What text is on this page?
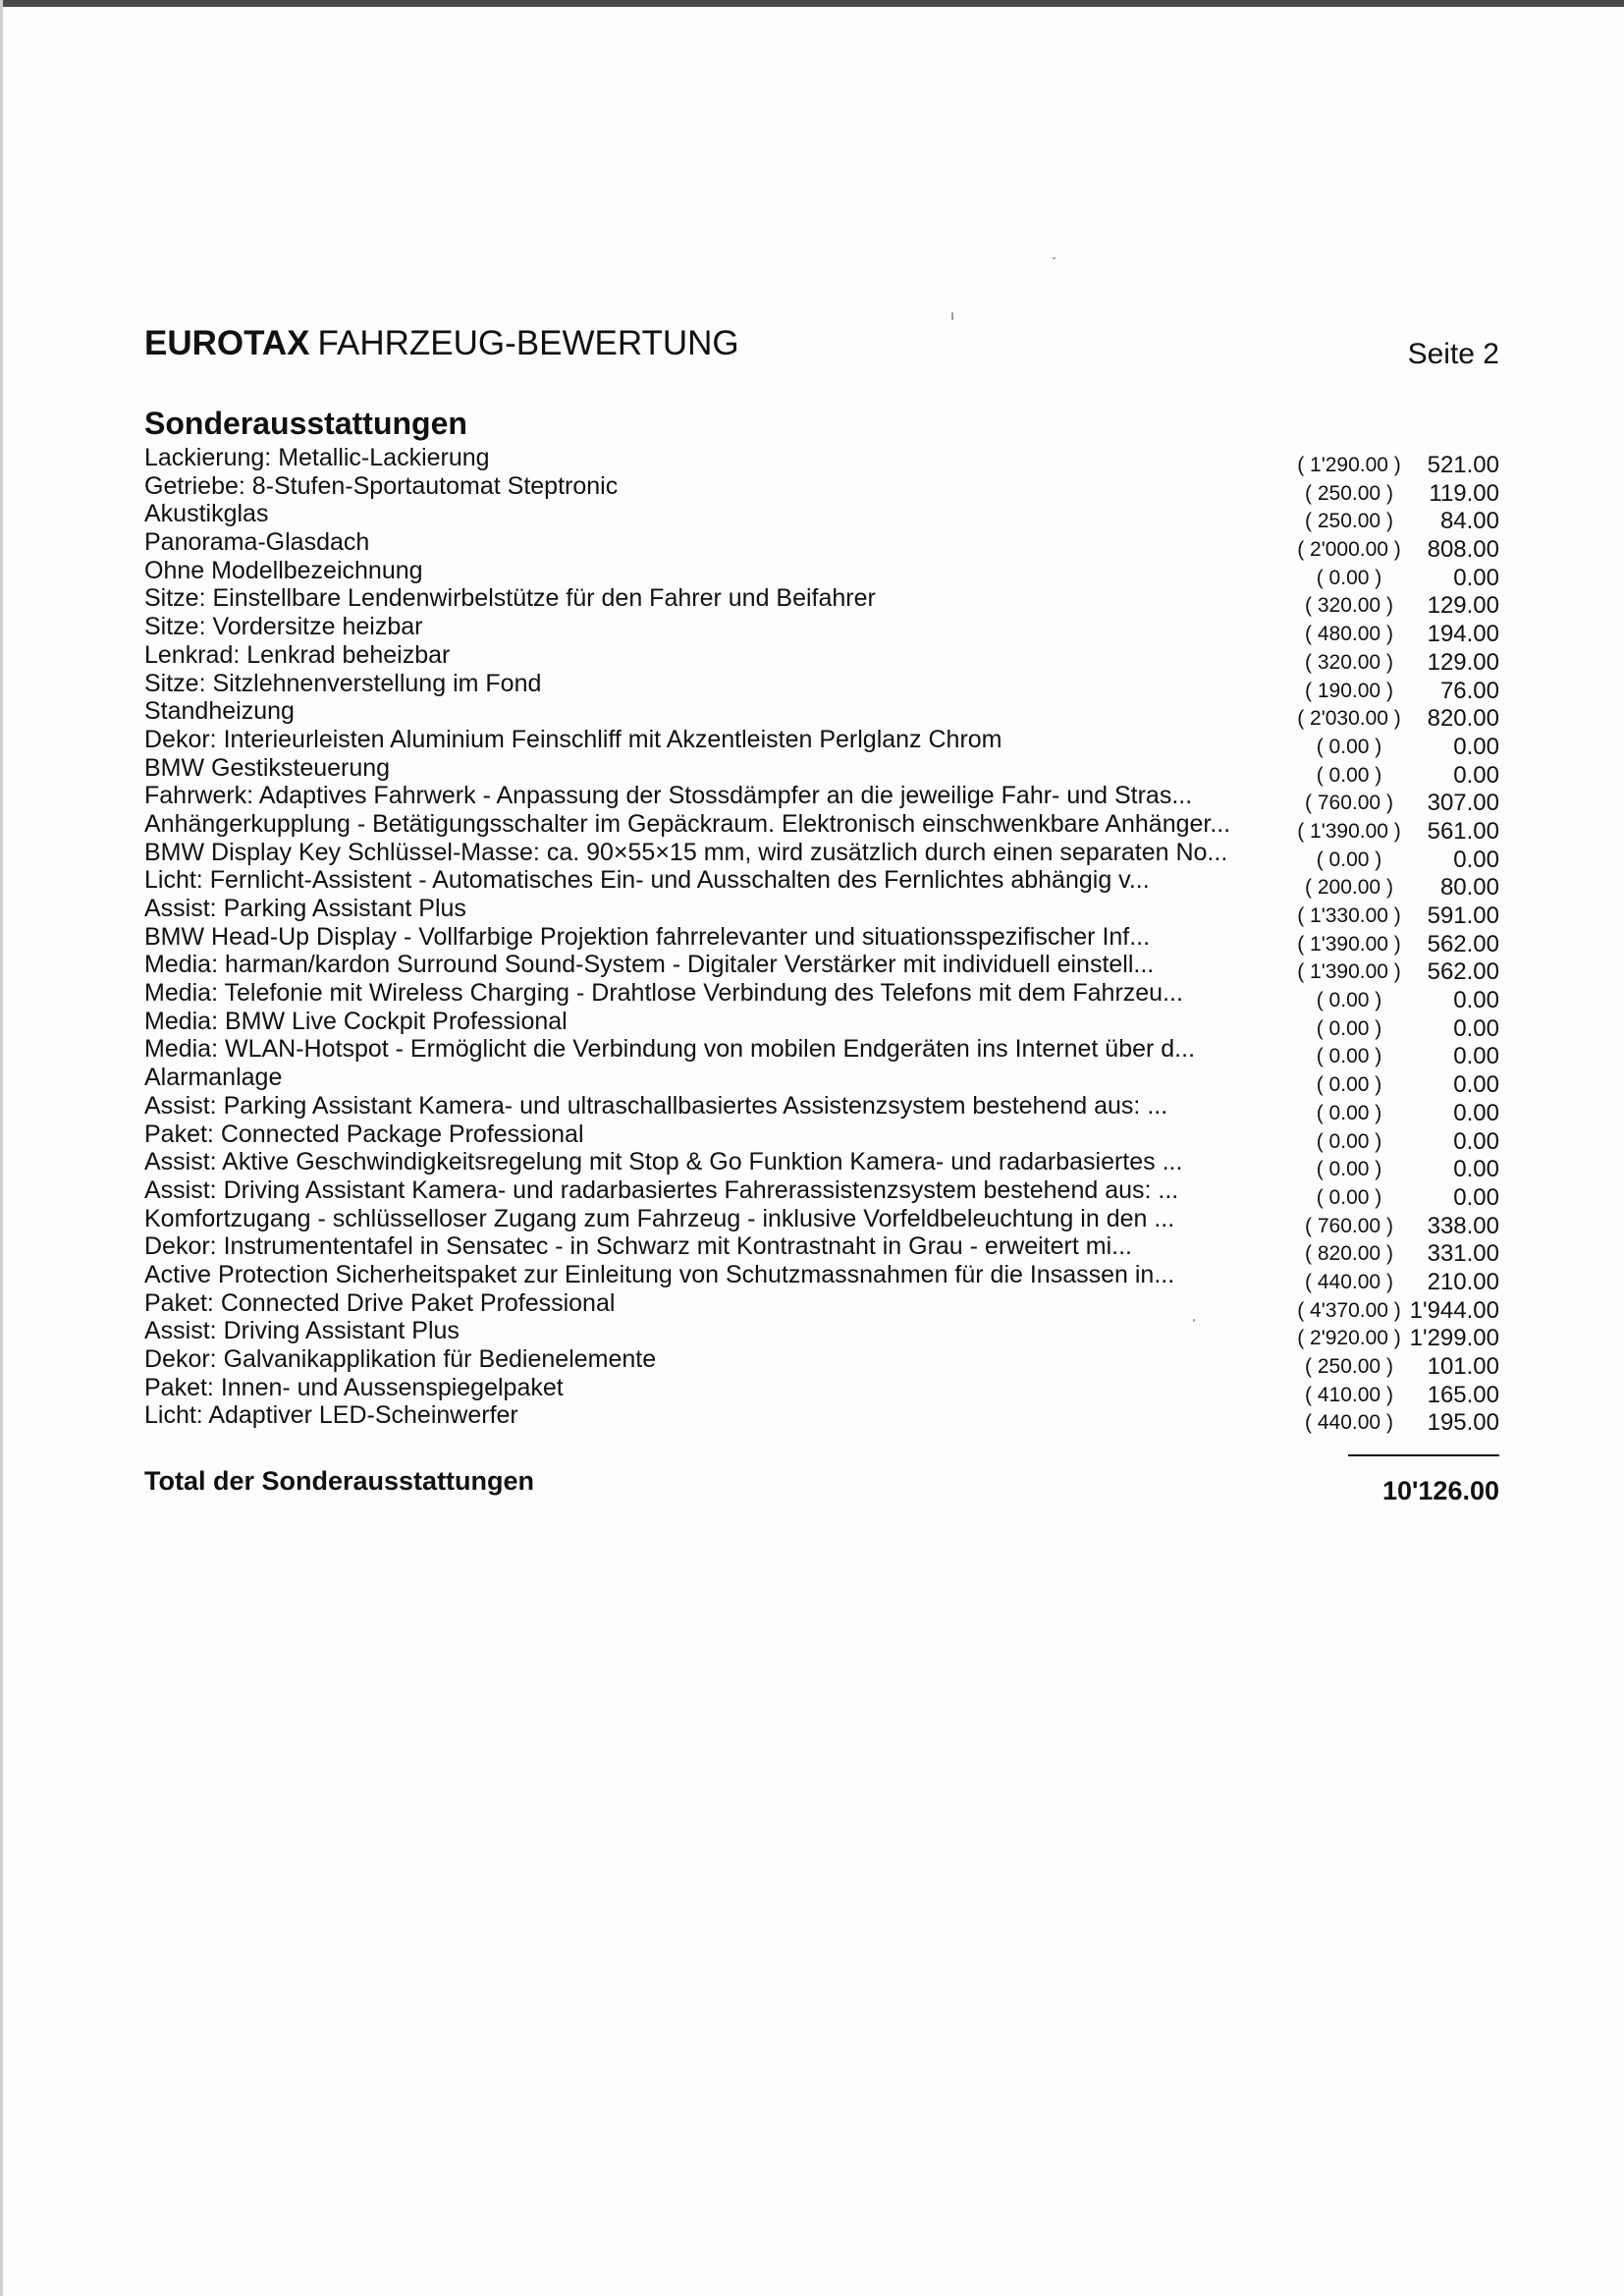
EUROTAX FAHRZEUG-BEWERTUNG	Seite 2
Sonderausstattungen
Lackierung: Metallic-Lackierung	( 1'290.00 )	521.00
Getriebe: 8-Stufen-Sportautomat Steptronic	( 250.00 )	119.00
Akustikglas	( 250.00 )	84.00
Panorama-Glasdach	( 2'000.00 )	808.00
Ohne Modellbezeichnung	( 0.00 )	0.00
Sitze: Einstellbare Lendenwirbelstütze für den Fahrer und Beifahrer	( 320.00 )	129.00
Sitze: Vordersitze heizbar	( 480.00 )	194.00
Lenkrad: Lenkrad beheizbar	( 320.00 )	129.00
Sitze: Sitzlehnenverstellung im Fond	( 190.00 )	76.00
Standheizung	( 2'030.00 )	820.00
Dekor: Interieurleisten Aluminium Feinschliff mit Akzentleisten Perlglanz Chrom	( 0.00 )	0.00
BMW Gestiksteuerung	( 0.00 )	0.00
Fahrwerk: Adaptives Fahrwerk - Anpassung der Stossdämpfer an die jeweilige Fahr- und Stras...	( 760.00 )	307.00
Anhängerkupplung - Betätigungsschalter im Gepäckraum. Elektronisch einschwenkbare Anhänger...	( 1'390.00 )	561.00
BMW Display Key Schlüssel-Masse: ca. 90×55×15 mm, wird zusätzlich durch einen separaten No...	( 0.00 )	0.00
Licht: Fernlicht-Assistent - Automatisches Ein- und Ausschalten des Fernlichtes abhängig v...	( 200.00 )	80.00
Assist: Parking Assistant Plus	( 1'330.00 )	591.00
BMW Head-Up Display - Vollfarbige Projektion fahrrelevanter und situationsspezifischer Inf...	( 1'390.00 )	562.00
Media: harman/kardon Surround Sound-System - Digitaler Verstärker mit individuell einstell...	( 1'390.00 )	562.00
Media: Telefonie mit Wireless Charging - Drahtlose Verbindung des Telefons mit dem Fahrzeu...	( 0.00 )	0.00
Media: BMW Live Cockpit Professional	( 0.00 )	0.00
Media: WLAN-Hotspot - Ermöglicht die Verbindung von mobilen Endgeräten ins Internet über d...	( 0.00 )	0.00
Alarmanlage	( 0.00 )	0.00
Assist: Parking Assistant Kamera- und ultraschallbasiertes Assistenzsystem bestehend aus: ...	( 0.00 )	0.00
Paket: Connected Package Professional	( 0.00 )	0.00
Assist: Aktive Geschwindigkeitsregelung mit Stop & Go Funktion Kamera- und radarbasiertes ...	( 0.00 )	0.00
Assist: Driving Assistant Kamera- und radarbasiertes Fahrerassistenzsystem bestehend aus: ...	( 0.00 )	0.00
Komfortzugang - schlüsselloser Zugang zum Fahrzeug - inklusive Vorfeldbeleuchtung in den ...	( 760.00 )	338.00
Dekor: Instrumententafel in Sensatec - in Schwarz mit Kontrastnaht in Grau - erweitert mi...	( 820.00 )	331.00
Active Protection Sicherheitspaket zur Einleitung von Schutzmassnahmen für die Insassen in...	( 440.00 )	210.00
Paket: Connected Drive Paket Professional	( 4'370.00 ) 1'944.00
Assist: Driving Assistant Plus	( 2'920.00 ) 1'299.00
Dekor: Galvanikapplikation für Bedienelemente	( 250.00 )	101.00
Paket: Innen- und Aussenspiegelpaket	( 410.00 )	165.00
Licht: Adaptiver LED-Scheinwerfer	( 440.00 )	195.00
Total der Sonderausstattungen	10'126.00
